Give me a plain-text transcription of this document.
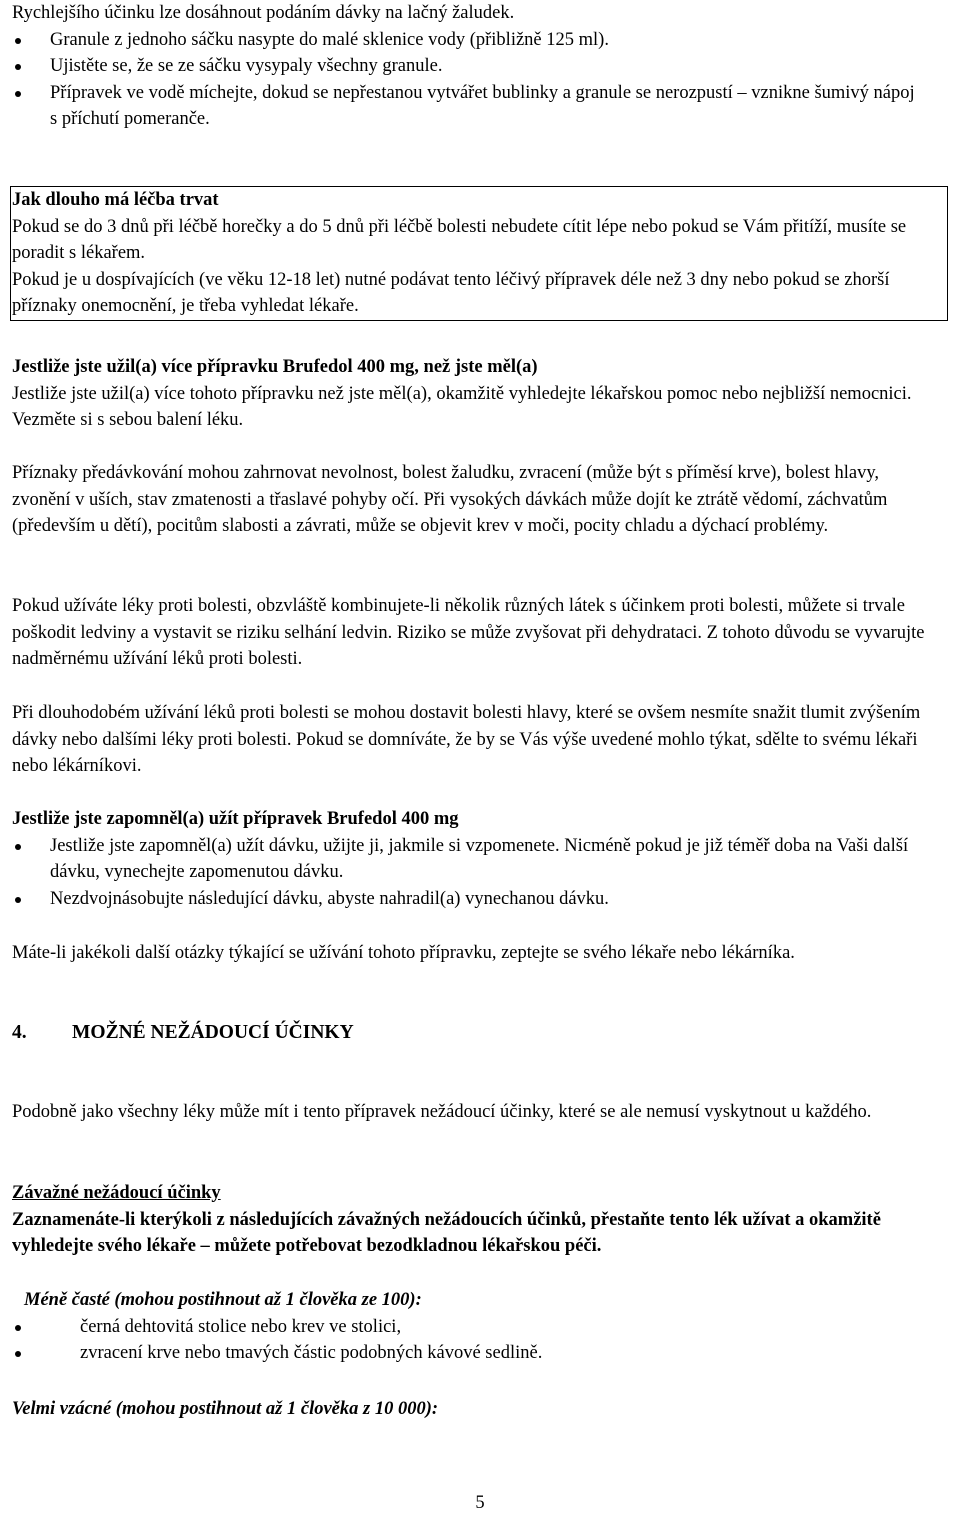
Rychlejšího účinku lze dosáhnout podáním dávky na lačný žaludek.

Granule z jednoho sáčku nasypte do malé sklenice vody (přibližně 125 ml).
Ujistěte se, že se ze sáčku vysypaly všechny granule.
Přípravek ve vodě míchejte, dokud se nepřestanou vytvářet bublinky a granule se nerozpustí – vznikne šumivý nápoj s příchutí pomeranče.

Jak dlouho má léčba trvat

Pokud se do 3 dnů při léčbě horečky a do 5 dnů při léčbě bolesti nebudete cítit lépe nebo pokud se Vám přitíží, musíte se poradit s lékařem.

Pokud je u dospívajících (ve věku 12-18 let) nutné podávat tento léčivý přípravek déle než 3 dny nebo pokud se zhorší příznaky onemocnění, je třeba vyhledat lékaře.

Jestliže jste užil(a) více přípravku Brufedol 400 mg, než jste měl(a)

Jestliže jste užil(a) více tohoto přípravku než jste měl(a), okamžitě vyhledejte lékařskou pomoc nebo nejbližší nemocnici. Vezměte si s sebou balení léku.

Příznaky předávkování mohou zahrnovat nevolnost, bolest žaludku, zvracení (může být s příměsí krve), bolest hlavy, zvonění v uších, stav zmatenosti a třaslavé pohyby očí. Při vysokých dávkách může dojít ke ztrátě vědomí, záchvatům (především u dětí), pocitům slabosti a závrati, může se objevit krev v moči, pocity chladu a dýchací problémy.

Pokud užíváte léky proti bolesti, obzvláště kombinujete-li několik různých látek s účinkem proti bolesti, můžete si trvale poškodit ledviny a vystavit se riziku selhání ledvin. Riziko se může zvyšovat při dehydrataci. Z tohoto důvodu se vyvarujte nadměrnému užívání léků proti bolesti.

Při dlouhodobém užívání léků proti bolesti se mohou dostavit bolesti hlavy, které se ovšem nesmíte snažit tlumit zvýšením dávky nebo dalšími léky proti bolesti. Pokud se domníváte, že by se Vás výše uvedené mohlo týkat, sdělte to svému lékaři nebo lékárníkovi.

Jestliže jste zapomněl(a) užít přípravek Brufedol 400 mg

Jestliže jste zapomněl(a) užít dávku, užijte ji, jakmile si vzpomenete. Nicméně pokud je již téměř doba na Vaši další dávku, vynechejte zapomenutou dávku.
Nezdvojnásobujte následující dávku, abyste nahradil(a) vynechanou dávku.

Máte-li jakékoli další otázky týkající se užívání tohoto přípravku, zeptejte se svého lékaře nebo lékárníka.

4. MOŽNÉ NEŽÁDOUCÍ ÚČINKY

Podobně jako všechny léky může mít i tento přípravek nežádoucí účinky, které se ale nemusí vyskytnout u každého.

Závažné nežádoucí účinky

Zaznamenáte-li kterýkoli z následujících závažných nežádoucích účinků, přestaňte tento lék užívat a okamžitě vyhledejte svého lékaře – můžete potřebovat bezodkladnou lékařskou péči.

Méně časté (mohou postihnout až 1 člověka ze 100):

černá dehtovitá stolice nebo krev ve stolici,
zvracení krve nebo tmavých částic podobných kávové sedlině.

Velmi vzácné (mohou postihnout až 1 člověka z 10 000):

5
